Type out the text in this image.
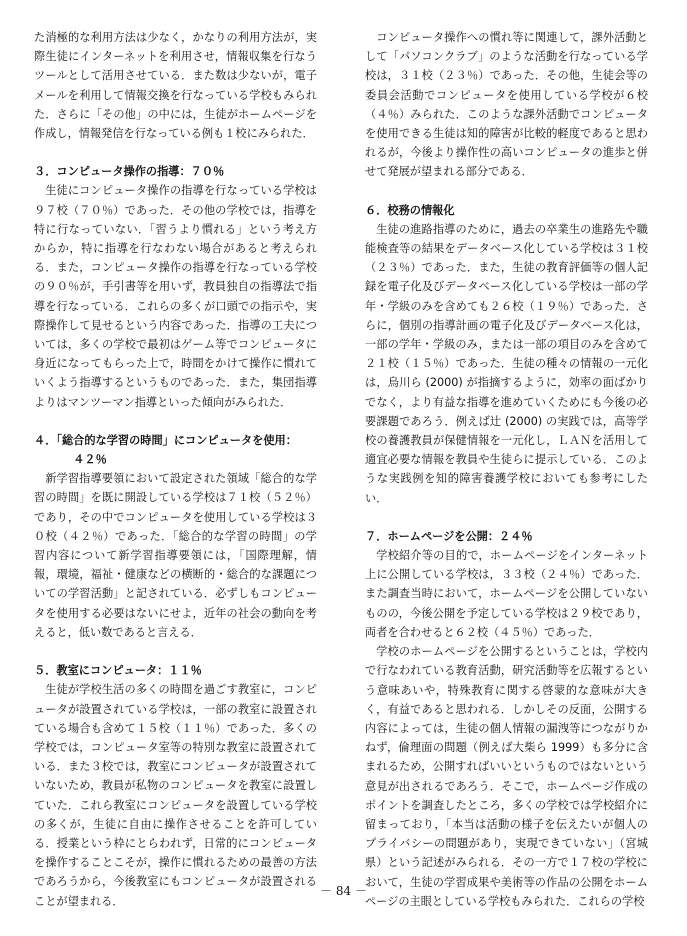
た消極的な利用方法は少なく，かなりの利用方法が，実際生徒にインターネットを利用させ，情報収集を行なうツールとして活用させている．また数は少ないが，電子メールを利用して情報交換を行なっている学校もみられた．さらに「その他」の中には，生徒がホームページを作成し，情報発信を行なっている例も１校にみられた．

３．コンピュータ操作の指導：７０％

生徒にコンピュータ操作の指導を行なっている学校は９７校（７０％）であった．その他の学校では，指導を特に行なっていない．「習うより慣れる」という考え方からか，特に指導を行なわない場合があると考えられる．また，コンピュータ操作の指導を行なっている学校の９０％が，手引書等を用いず，教員独自の指導法で指導を行なっている．これらの多くが口頭での指示や，実際操作して見せるという内容であった．指導の工夫については，多くの学校で最初はゲーム等でコンピュータに身近になってもらった上で，時間をかけて操作に慣れていくよう指導するというものであった．また，集団指導よりはマンツーマン指導といった傾向がみられた．

４．「総合的な学習の時間」にコンピュータを使用：

４２％

新学習指導要領において設定された領域「総合的な学習の時間」を既に開設している学校は７１校（５２％）であり，その中でコンピュータを使用している学校は３０校（４２％）であった．「総合的な学習の時間」の学習内容について新学習指導要領には，「国際理解，情報，環境，福祉・健康などの横断的・総合的な課題についての学習活動」と記されている．必ずしもコンピュータを使用する必要はないにせよ，近年の社会の動向を考えると，低い数であると言える．

５．教室にコンピュータ：１１％

生徒が学校生活の多くの時間を過ごす教室に，コンピュータが設置されている学校は，一部の教室に設置されている場合も含めて１５校（１１％）であった．多くの学校では，コンピュータ室等の特別な教室に設置されている．また３校では，教室にコンピュータが設置されていないため，教員が私物のコンピュータを教室に設置していた．これら教室にコンピュータを設置している学校の多くが，生徒に自由に操作させることを許可している．授業という枠にとらわれず，日常的にコンピュータを操作することこそが，操作に慣れるための最善の方法であろうから，今後教室にもコンピュータが設置されることが望まれる．

コンピュータ操作への慣れ等に関連して，課外活動として「パソコンクラブ」のような活動を行なっている学校は，３１校（２３％）であった．その他，生徒会等の委員会活動でコンピュータを使用している学校が６校（４％）みられた．このような課外活動でコンピュータを使用できる生徒は知的障害が比較的軽度であると思われるが，今後より操作性の高いコンピュータの進歩と併せて発展が望まれる部分である．

６．校務の情報化

生徒の進路指導のために，過去の卒業生の進路先や職能検査等の結果をデータベース化している学校は３１校（２３％）であった．また，生徒の教育評価等の個人記録を電子化及びデータベース化している学校は一部の学年・学級のみを含めても２６校（１９％）であった．さらに，個別の指導計画の電子化及びデータベース化は，一部の学年・学級のみ，または一部の項目のみを含めて２１校（１５％）であった．生徒の種々の情報の一元化は，烏川ら (2000) が指摘するように，効率の面ばかりでなく，より有益な指導を進めていくためにも今後の必要課題であろう．例えば辻 (2000) の実践では，高等学校の養護教員が保健情報を一元化し，ＬＡＮを活用して適宜必要な情報を教員や生徒らに提示している．このような実践例を知的障害養護学校においても参考にしたい．

７．ホームページを公開：２４％

学校紹介等の目的で，ホームページをインターネット上に公開している学校は，３３校（２４％）であった．また調査当時において，ホームページを公開していないものの，今後公開を予定している学校は２９校であり，両者を合わせると６２校（４５％）であった．

学校のホームページを公開するということは，学校内で行なわれている教育活動，研究活動等を広報するという意味あいや，特殊教育に関する啓蒙的な意味が大きく，有益であると思われる．しかしその反面，公開する内容によっては，生徒の個人情報の漏洩等につながりかねず，倫理面の問題（例えば大柴ら 1999）も多分に含まれるため，公開すればいいというものではないという意見が出されるであろう．そこで，ホームページ作成のポイントを調査したところ，多くの学校では学校紹介に留まっており，「本当は活動の様子を伝えたいが個人のプライバシーの問題があり，実現できていない」（宮城県）という記述がみられる．その一方で１７校の学校において，生徒の学習成果や美術等の作品の公開をホームページの主眼としている学校もみられた．これらの学校

－ 84 －
